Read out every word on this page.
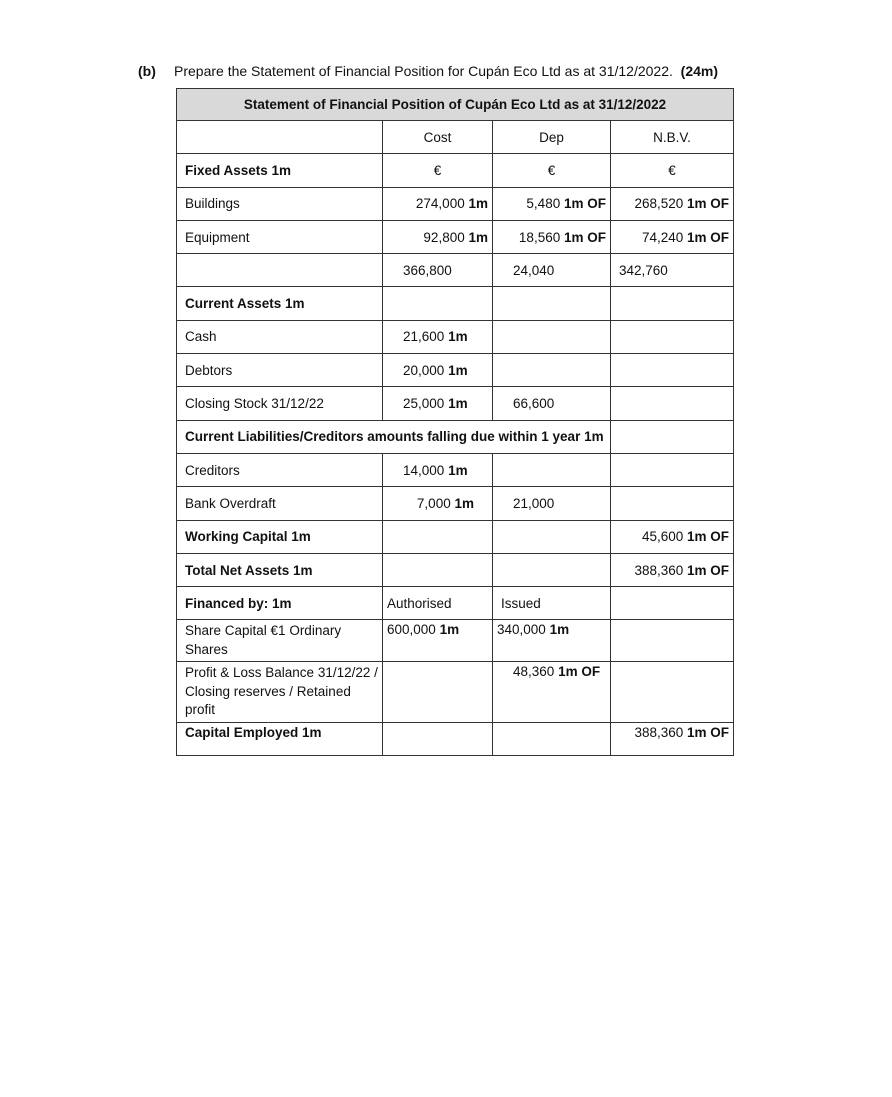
(b) Prepare the Statement of Financial Position for Cupán Eco Ltd as at 31/12/2022. (24m)
Statement of Financial Position of Cupán Eco Ltd as at 31/12/2022			
	Cost	Dep	N.B.V.
Fixed Assets 1m	€	€	€
Buildings	274,000 1m	5,480 1m OF	268,520 1m OF
Equipment	92,800 1m	18,560 1m OF	74,240 1m OF
	366,800	24,040	342,760
Current Assets 1m			
Cash	21,600 1m		
Debtors	20,000 1m		
Closing Stock 31/12/22	25,000 1m	66,600	
Current Liabilities/Creditors amounts falling due within 1 year 1m			
Creditors	14,000 1m		
Bank Overdraft	7,000 1m	21,000	
Working Capital 1m			45,600 1m OF
Total Net Assets 1m			388,360 1m OF
Financed by: 1m	Authorised	Issued	
Share Capital €1 Ordinary Shares	600,000 1m	340,000 1m	
Profit & Loss Balance 31/12/22 / Closing reserves / Retained profit		48,360 1m OF	
Capital Employed 1m			388,360 1m OF
